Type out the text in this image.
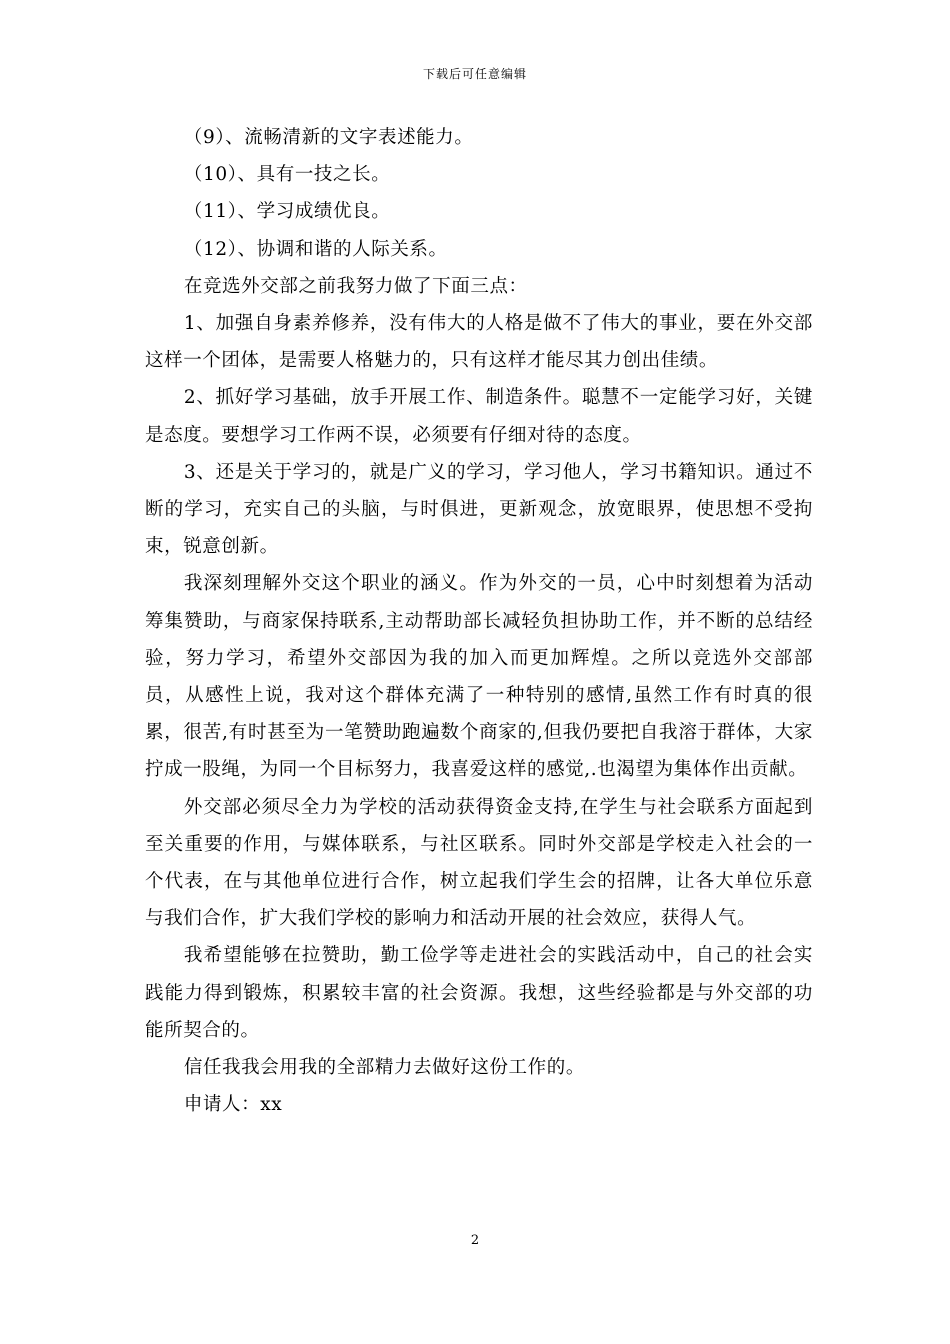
下载后可任意编辑

（9）、流畅清新的文字表述能力。

（10）、具有一技之长。

（11）、学习成绩优良。

（12）、协调和谐的人际关系。

在竞选外交部之前我努力做了下面三点：

1、加强自身素养修养，没有伟大的人格是做不了伟大的事业，要在外交部这样一个团体，是需要人格魅力的，只有这样才能尽其力创出佳绩。

2、抓好学习基础，放手开展工作、制造条件。聪慧不一定能学习好，关键是态度。要想学习工作两不误，必须要有仔细对待的态度。

3、还是关于学习的，就是广义的学习，学习他人，学习书籍知识。通过不断的学习，充实自己的头脑，与时俱进，更新观念，放宽眼界，使思想不受拘束，锐意创新。

我深刻理解外交这个职业的涵义。作为外交的一员，心中时刻想着为活动筹集赞助，与商家保持联系,主动帮助部长减轻负担协助工作，并不断的总结经验，努力学习，希望外交部因为我的加入而更加辉煌。之所以竞选外交部部员，从感性上说，我对这个群体充满了一种特别的感情,虽然工作有时真的很累，很苦,有时甚至为一笔赞助跑遍数个商家的,但我仍要把自我溶于群体，大家拧成一股绳，为同一个目标努力，我喜爱这样的感觉,.也渴望为集体作出贡献。

外交部必须尽全力为学校的活动获得资金支持,在学生与社会联系方面起到至关重要的作用，与媒体联系，与社区联系。同时外交部是学校走入社会的一个代表，在与其他单位进行合作，树立起我们学生会的招牌，让各大单位乐意与我们合作，扩大我们学校的影响力和活动开展的社会效应，获得人气。

我希望能够在拉赞助，勤工俭学等走进社会的实践活动中，自己的社会实践能力得到锻炼，积累较丰富的社会资源。我想，这些经验都是与外交部的功能所契合的。

信任我我会用我的全部精力去做好这份工作的。

申请人：xx

2
